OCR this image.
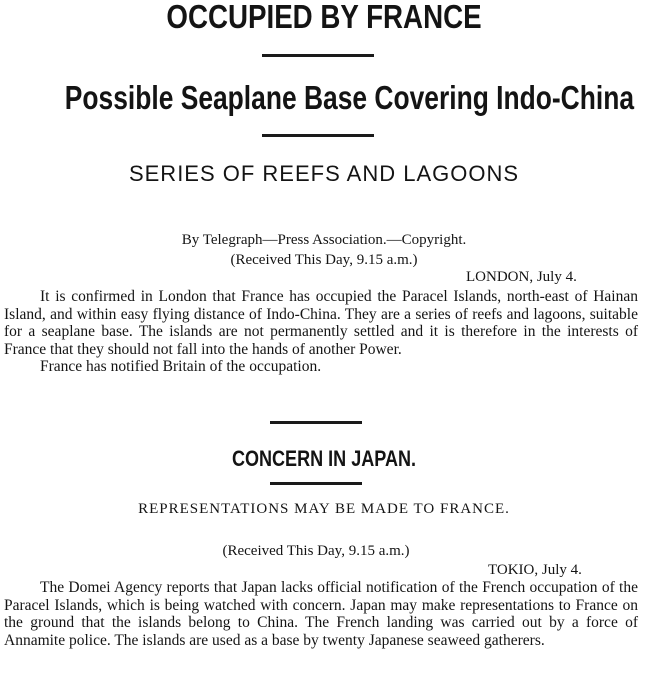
OCCUPIED BY FRANCE
Possible Seaplane Base Covering Indo-China
SERIES OF REEFS AND LAGOONS
By Telegraph—Press Association.—Copyright.
(Received This Day, 9.15 a.m.)
LONDON, July 4.

It is confirmed in London that France has occupied the Paracel Islands, north-east of Hainan Island, and within easy flying distance of Indo-China. They are a series of reefs and lagoons, suitable for a seaplane base. The islands are not permanently settled and it is therefore in the interests of France that they should not fall into the hands of another Power.

France has notified Britain of the occupation.

CONCERN IN JAPAN.
REPRESENTATIONS MAY BE MADE TO FRANCE.
(Received This Day, 9.15 a.m.)
TOKIO, July 4.

The Domei Agency reports that Japan lacks official notification of the French occupation of the Paracel Islands, which is being watched with concern. Japan may make representations to France on the ground that the islands belong to China. The French landing was carried out by a force of Annamite police. The islands are used as a base by twenty Japanese seaweed gatherers.
